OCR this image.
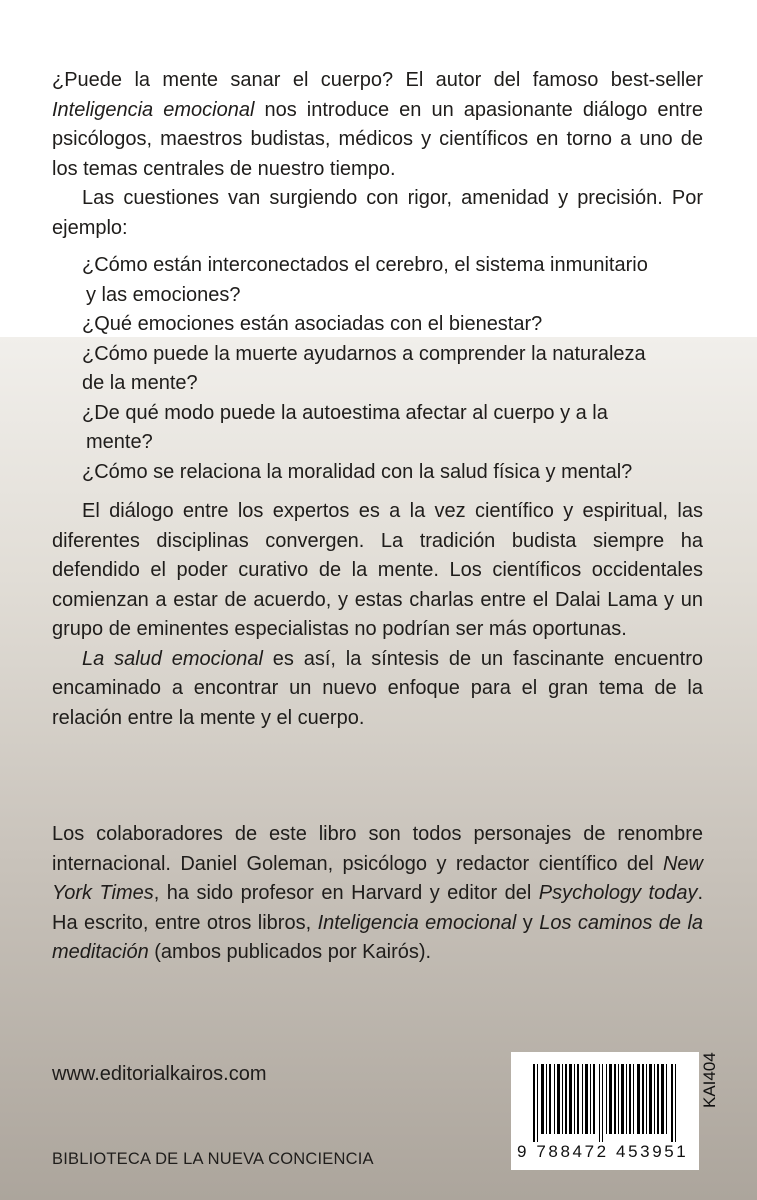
¿Puede la mente sanar el cuerpo? El autor del famoso best-seller Inteligencia emocional nos introduce en un apasionante diálogo entre psicólogos, maestros budistas, médicos y científicos en torno a uno de los temas centrales de nuestro tiempo.

Las cuestiones van surgiendo con rigor, amenidad y precisión. Por ejemplo:

¿Cómo están interconectados el cerebro, el sistema inmunitario
y las emociones?
¿Qué emociones están asociadas con el bienestar?
¿Cómo puede la muerte ayudarnos a comprender la naturaleza
de la mente?
¿De qué modo puede la autoestima afectar al cuerpo y a la
mente?
¿Cómo se relaciona la moralidad con la salud física y mental?

El diálogo entre los expertos es a la vez científico y espiritual, las diferentes disciplinas convergen. La tradición budista siempre ha defendido el poder curativo de la mente. Los científicos occidentales comienzan a estar de acuerdo, y estas charlas entre el Dalai Lama y un grupo de eminentes especialistas no podrían ser más oportunas.

La salud emocional es así, la síntesis de un fascinante encuentro encaminado a encontrar un nuevo enfoque para el gran tema de la relación entre la mente y el cuerpo.

Los colaboradores de este libro son todos personajes de renombre internacional. Daniel Goleman, psicólogo y redactor científico del New York Times, ha sido profesor en Harvard y editor del Psychology today. Ha escrito, entre otros libros, Inteligencia emocional y Los caminos de la meditación (ambos publicados por Kairós).

www.editorialkairos.com
BIBLIOTECA DE LA NUEVA CONCIENCIA	9 788472 453951
KAI404
